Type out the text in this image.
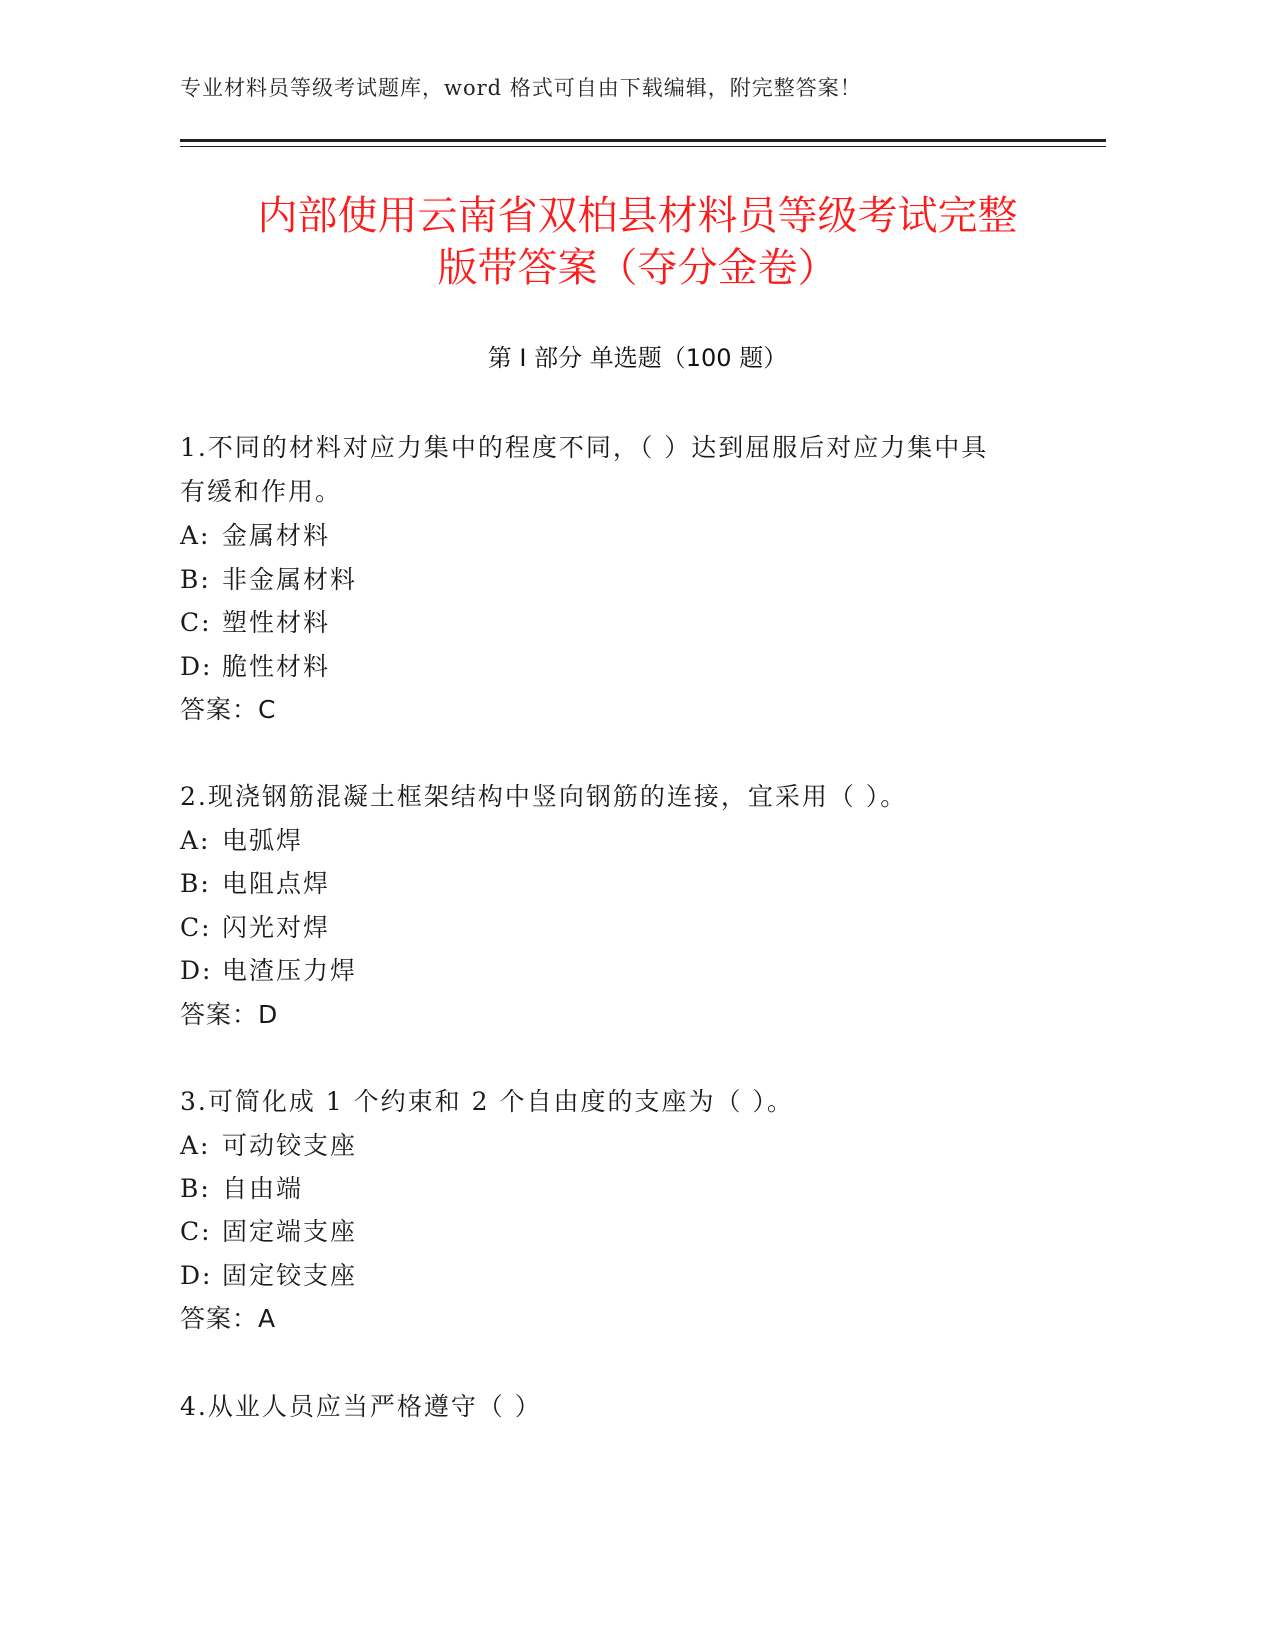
专业材料员等级考试题库，word 格式可自由下载编辑，附完整答案！
内部使用云南省双柏县材料员等级考试完整
版带答案（夺分金卷）
第 I 部分 单选题（100 题）
1.不同的材料对应力集中的程度不同，（ ）达到屈服后对应力集中具
有缓和作用。
A: 金属材料
B: 非金属材料
C: 塑性材料
D: 脆性材料
答案：C
2.现浇钢筋混凝土框架结构中竖向钢筋的连接，宜采用（ ）。
A: 电弧焊
B: 电阻点焊
C: 闪光对焊
D: 电渣压力焊
答案：D
3.可简化成 1 个约束和 2 个自由度的支座为（ ）。
A: 可动铰支座
B: 自由端
C: 固定端支座
D: 固定铰支座
答案：A
4.从业人员应当严格遵守（ ）
